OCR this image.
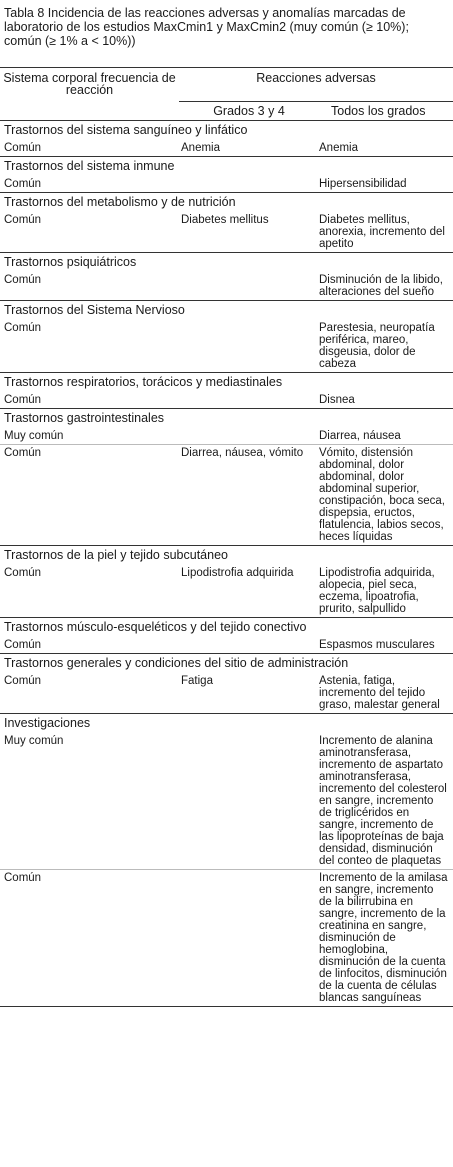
Tabla 8 Incidencia de las reacciones adversas y anomalías marcadas de laboratorio de los estudios MaxCmin1 y MaxCmin2 (muy común (≥ 10%); común (≥ 1% a < 10%))
Sistema corporal frecuencia de reacción	Reacciones adversas	
	Grados 3 y 4	Todos los grados
Trastornos del sistema sanguíneo y linfático		
Común	Anemia	Anemia
Trastornos del sistema inmune		
Común		Hipersensibilidad
Trastornos del metabolismo y de nutrición		
Común	Diabetes mellitus	Diabetes mellitus, anorexia, incremento del apetito
Trastornos psiquiátricos		
Común		Disminución de la libido, alteraciones del sueño
Trastornos del Sistema Nervioso		
Común		Parestesia, neuropatía periférica, mareo, disgeusia, dolor de cabeza
Trastornos respiratorios, torácicos y mediastinales		
Común		Disnea
Trastornos gastrointestinales		
Muy común		Diarrea, náusea
Común	Diarrea, náusea, vómito	Vómito, distensión abdominal, dolor abdominal, dolor abdominal superior, constipación, boca seca, dispepsia, eructos, flatulencia, labios secos, heces líquidas
Trastornos de la piel y tejido subcutáneo		
Común	Lipodistrofia adquirida	Lipodistrofia adquirida, alopecia, piel seca, eczema, lipoatrofia, prurito, salpullido
Trastornos músculo-esqueléticos y del tejido conectivo		
Común		Espasmos musculares
Trastornos generales y condiciones del sitio de administración		
Común	Fatiga	Astenia, fatiga, incremento del tejido graso, malestar general
Investigaciones		
Muy común		Incremento de alanina aminotransferasa, incremento de aspartato aminotransferasa, incremento del colesterol en sangre, incremento de triglicéridos en sangre, incremento de las lipoproteínas de baja densidad, disminución del conteo de plaquetas
Común		Incremento de la amilasa en sangre, incremento de la bilirrubina en sangre, incremento de la creatinina en sangre, disminución de hemoglobina, disminución de la cuenta de linfocitos, disminución de la cuenta de células blancas sanguíneas
